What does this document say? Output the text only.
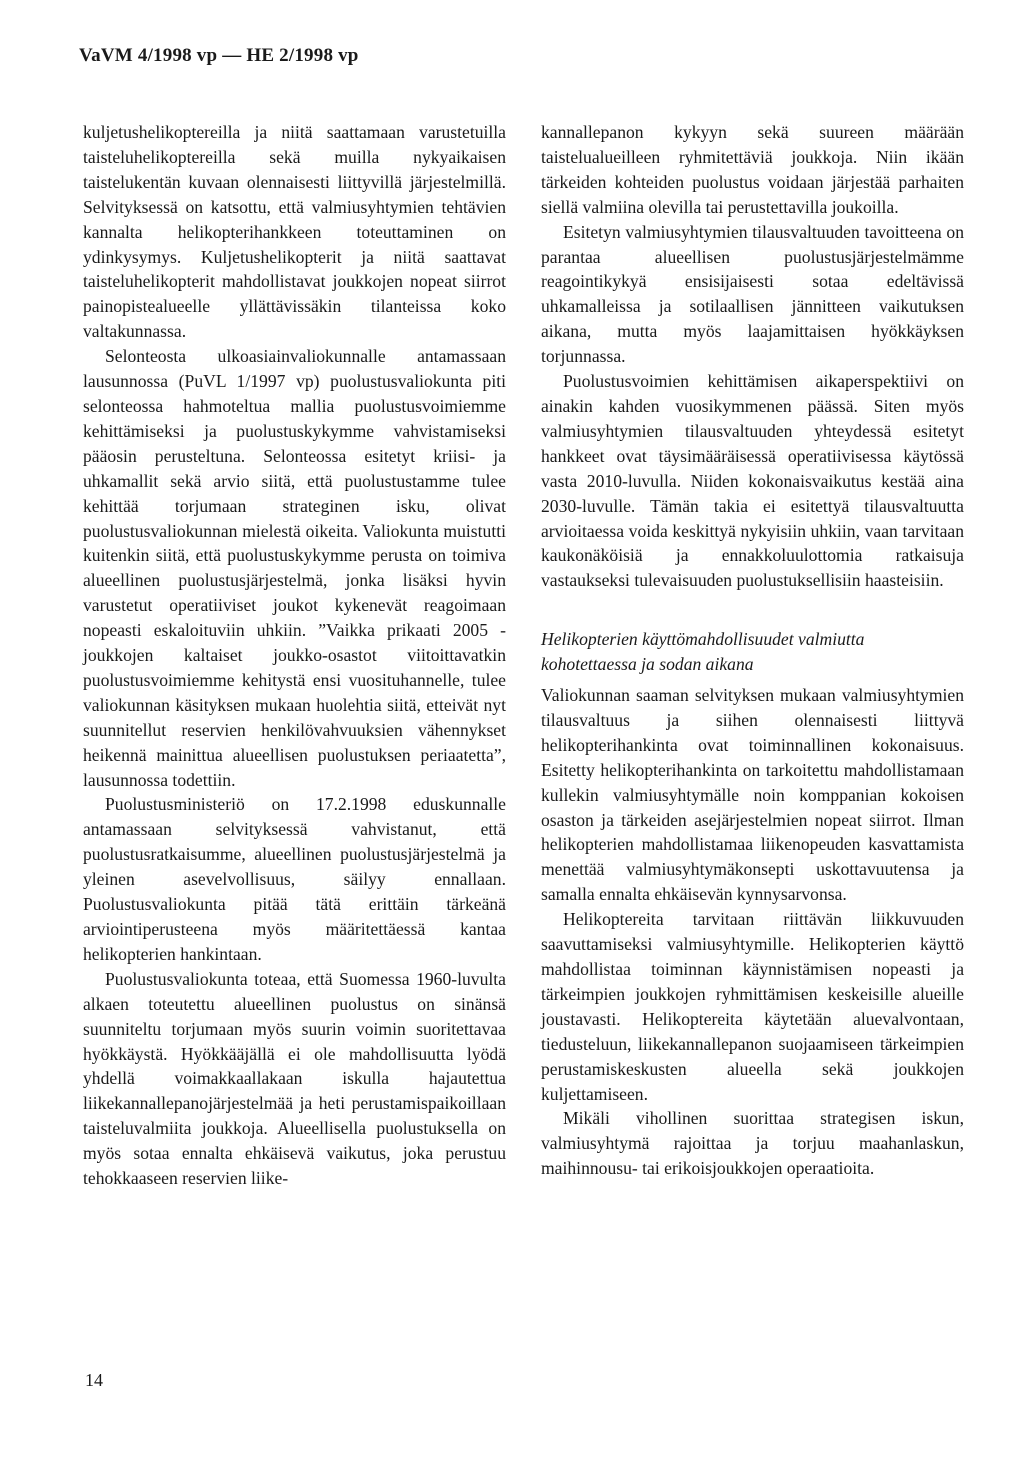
VaVM 4/1998 vp — HE 2/1998 vp

kuljetushelikoptereilla ja niitä saattamaan varustetuilla taisteluhelikoptereilla sekä muilla nykyaikaisen taistelukentän kuvaan olennaisesti liittyvillä järjestelmillä. Selvityksessä on katsottu, että valmiusyhtymien tehtävien kannalta helikopterihankkeen toteuttaminen on ydinkysymys. Kuljetushelikopterit ja niitä saattavat taisteluhelikopterit mahdollistavat joukkojen nopeat siirrot painopistealueelle yllättävissäkin tilanteissa koko valtakunnassa.

Selonteosta ulkoasiainvaliokunnalle antamassaan lausunnossa (PuVL 1/1997 vp) puolustusvaliokunta piti selonteossa hahmoteltua mallia puolustusvoimiemme kehittämiseksi ja puolustuskykymme vahvistamiseksi pääosin perusteltuna. Selonteossa esitetyt kriisi- ja uhkamallit sekä arvio siitä, että puolustustamme tulee kehittää torjumaan strateginen isku, olivat puolustusvaliokunnan mielestä oikeita. Valiokunta muistutti kuitenkin siitä, että puolustuskykymme perusta on toimiva alueellinen puolustusjärjestelmä, jonka lisäksi hyvin varustetut operatiiviset joukot kykenevät reagoimaan nopeasti eskaloituviin uhkiin. ”Vaikka prikaati 2005 -joukkojen kaltaiset joukko-osastot viitoittavatkin puolustusvoimiemme kehitystä ensi vuosituhannelle, tulee valiokunnan käsityksen mukaan huolehtia siitä, etteivät nyt suunnitellut reservien henkilövahvuuksien vähennykset heikennä mainittua alueellisen puolustuksen periaatetta”, lausunnossa todettiin.

Puolustusministeriö on 17.2.1998 eduskunnalle antamassaan selvityksessä vahvistanut, että puolustusratkaisumme, alueellinen puolustusjärjestelmä ja yleinen asevelvollisuus, säilyy ennallaan. Puolustusvaliokunta pitää tätä erittäin tärkeänä arviointiperusteena myös määritettäessä kantaa helikopterien hankintaan.

Puolustusvaliokunta toteaa, että Suomessa 1960-luvulta alkaen toteutettu alueellinen puolustus on sinänsä suunniteltu torjumaan myös suurin voimin suoritettavaa hyökkäystä. Hyökkääjällä ei ole mahdollisuutta lyödä yhdellä voimakkaallakaan iskulla hajautettua liikekannallepanojärjestelmää ja heti perustamispaikoillaan taisteluvalmiita joukkoja. Alueellisella puolustuksella on myös sotaa ennalta ehkäisevä vaikutus, joka perustuu tehokkaaseen reservien liike-

kannallepanon kykyyn sekä suureen määrään taistelualueilleen ryhmitettäviä joukkoja. Niin ikään tärkeiden kohteiden puolustus voidaan järjestää parhaiten siellä valmiina olevilla tai perustettavilla joukoilla.

Esitetyn valmiusyhtymien tilausvaltuuden tavoitteena on parantaa alueellisen puolustusjärjestelmämme reagointikykyä ensisijaisesti sotaa edeltävissä uhkamalleissa ja sotilaallisen jännitteen vaikutuksen aikana, mutta myös laajamittaisen hyökkäyksen torjunnassa.

Puolustusvoimien kehittämisen aikaperspektiivi on ainakin kahden vuosikymmenen päässä. Siten myös valmiusyhtymien tilausvaltuuden yhteydessä esitetyt hankkeet ovat täysimääräisessä operatiivisessa käytössä vasta 2010-luvulla. Niiden kokonaisvaikutus kestää aina 2030-luvulle. Tämän takia ei esitettyä tilausvaltuutta arvioitaessa voida keskittyä nykyisiin uhkiin, vaan tarvitaan kaukonäköisiä ja ennakkoluulottomia ratkaisuja vastaukseksi tulevaisuuden puolustuksellisiin haasteisiin.

Helikopterien käyttömahdollisuudet valmiutta kohotettaessa ja sodan aikana

Valiokunnan saaman selvityksen mukaan valmiusyhtymien tilausvaltuus ja siihen olennaisesti liittyvä helikopterihankinta ovat toiminnallinen kokonaisuus. Esitetty helikopterihankinta on tarkoitettu mahdollistamaan kullekin valmiusyhtymälle noin komppanian kokoisen osaston ja tärkeiden asejärjestelmien nopeat siirrot. Ilman helikopterien mahdollistamaa liikenopeuden kasvattamista menettää valmiusyhtymäkonsepti uskottavuutensa ja samalla ennalta ehkäisevän kynnysarvonsa.

Helikoptereita tarvitaan riittävän liikkuvuuden saavuttamiseksi valmiusyhtymille. Helikopterien käyttö mahdollistaa toiminnan käynnistämisen nopeasti ja tärkeimpien joukkojen ryhmittämisen keskeisille alueille joustavasti. Helikoptereita käytetään aluevalvontaan, tiedusteluun, liikekannallepanon suojaamiseen tärkeimpien perustamiskeskusten alueella sekä joukkojen kuljettamiseen.

Mikäli vihollinen suorittaa strategisen iskun, valmiusyhtymä rajoittaa ja torjuu maahanlaskun, maihinnousu- tai erikoisjoukkojen operaatioita.

14
